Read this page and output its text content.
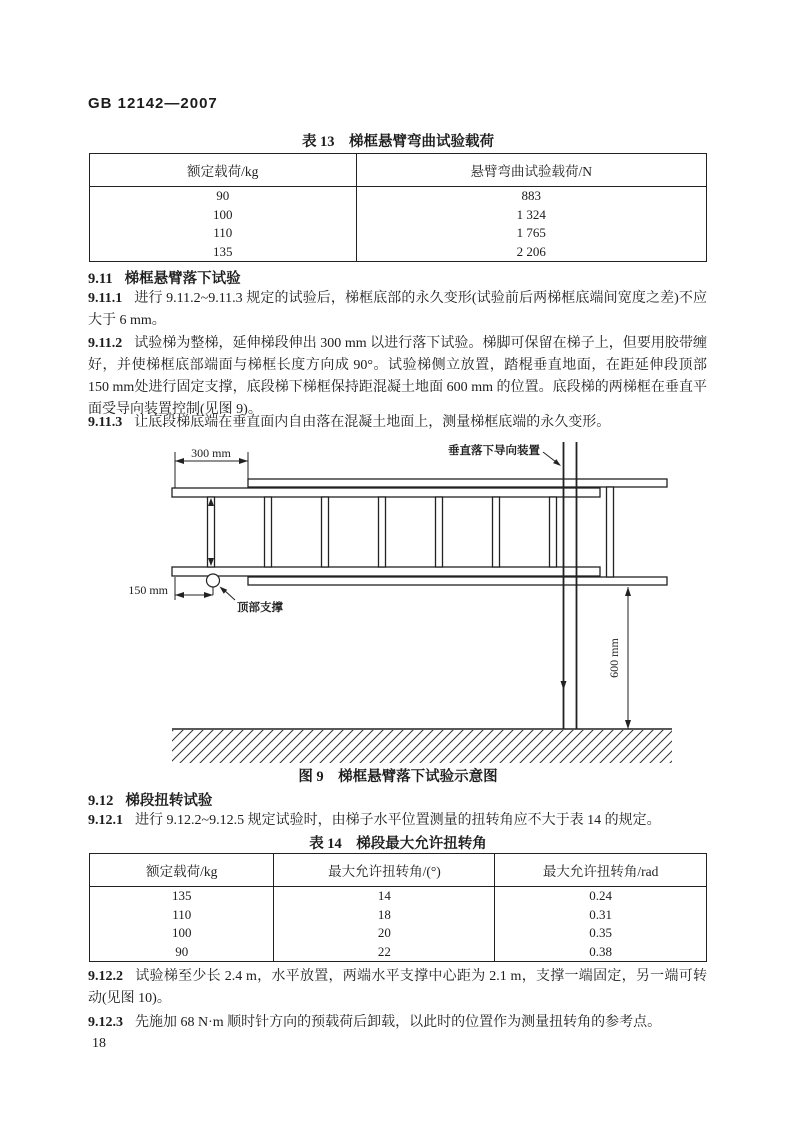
GB 12142—2007
表 13　梯框悬臂弯曲试验载荷
额定载荷/kg	悬臂弯曲试验载荷/N
90	883
100	1 324
110	1 765
135	2 206
9.11 梯框悬臂落下试验
9.11.1 进行 9.11.2~9.11.3 规定的试验后，梯框底部的永久变形(试验前后两梯框底端间宽度之差)不应大于 6 mm。
9.11.2 试验梯为整梯，延伸梯段伸出 300 mm 以进行落下试验。梯脚可保留在梯子上，但要用胶带缠好，并使梯框底部端面与梯框长度方向成 90°。试验梯侧立放置，踏棍垂直地面，在距延伸段顶部 150 mm处进行固定支撑，底段梯下梯框保持距混凝土地面 600 mm 的位置。底段梯的两梯框在垂直平面受导向装置控制(见图 9)。
9.11.3 让底段梯底端在垂直面内自由落在混凝土地面上，测量梯框底端的永久变形。
300 mm	垂直落下导向装置
150 mm
顶部支撑
600 mm
图 9　梯框悬臂落下试验示意图
9.12 梯段扭转试验
9.12.1 进行 9.12.2~9.12.5 规定试验时，由梯子水平位置测量的扭转角应不大于表 14 的规定。
表 14　梯段最大允许扭转角
额定载荷/kg	最大允许扭转角/(°)	最大允许扭转角/rad
135	14	0.24
110	18	0.31
100	20	0.35
90	22	0.38
9.12.2 试验梯至少长 2.4 m，水平放置，两端水平支撑中心距为 2.1 m，支撑一端固定，另一端可转动(见图 10)。
9.12.3 先施加 68 N·m 顺时针方向的预载荷后卸载，以此时的位置作为测量扭转角的参考点。
18
